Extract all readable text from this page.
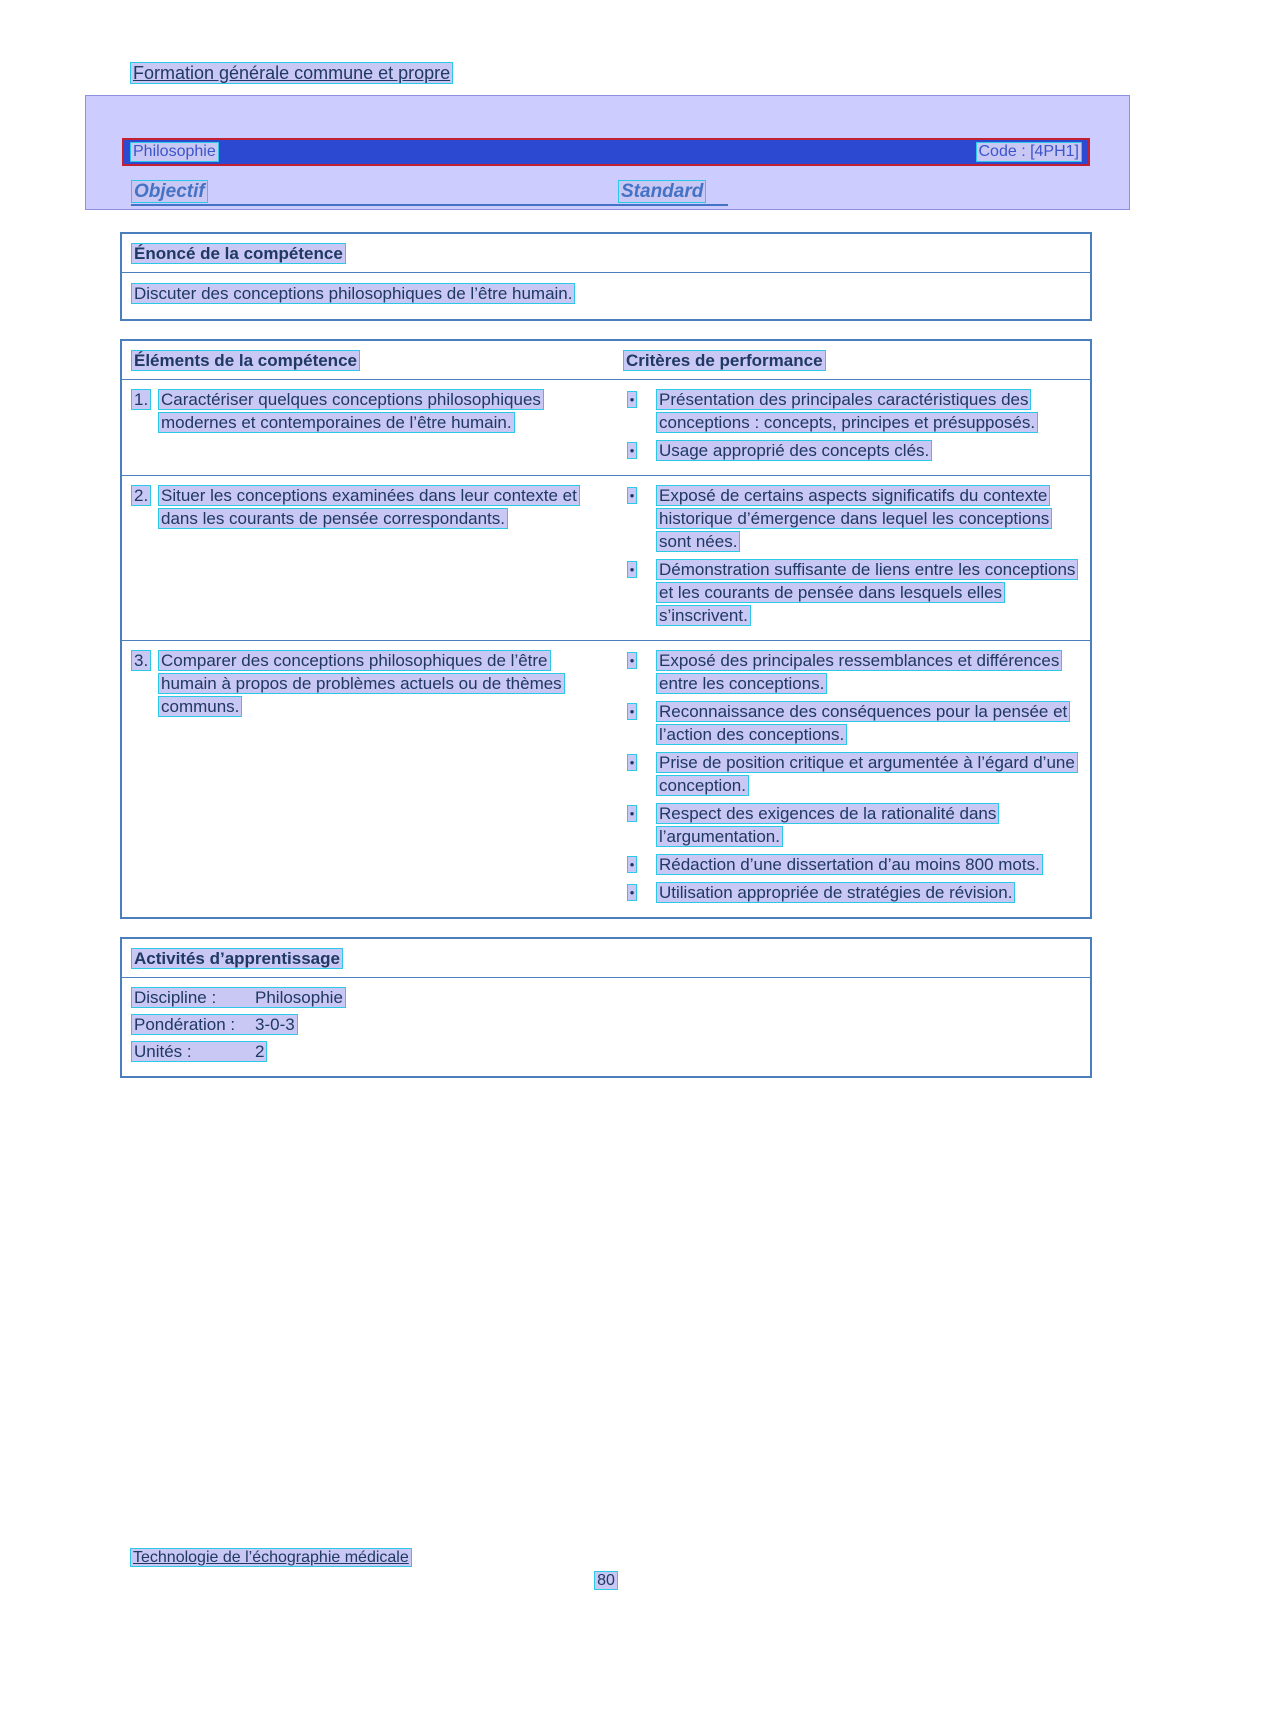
Formation générale commune et propre
Philosophie	Code : [4PH1]
Objectif	Standard
Énoncé de la compétence
Discuter des conceptions philosophiques de l’être humain.
Éléments de la compétence	Critères de performance
1. Caractériser quelques conceptions philosophiques modernes et contemporaines de l’être humain.
•	Présentation des principales caractéristiques des conceptions : concepts, principes et présupposés.
•	Usage approprié des concepts clés.
2. Situer les conceptions examinées dans leur contexte et dans les courants de pensée correspondants.
•	Exposé de certains aspects significatifs du contexte historique d’émergence dans lequel les conceptions sont nées.
•	Démonstration suffisante de liens entre les conceptions et les courants de pensée dans lesquels elles s’inscrivent.
3. Comparer des conceptions philosophiques de l’être humain à propos de problèmes actuels ou de thèmes communs.
•	Exposé des principales ressemblances et différences entre les conceptions.
•	Reconnaissance des conséquences pour la pensée et l’action des conceptions.
•	Prise de position critique et argumentée à l’égard d’une conception.
•	Respect des exigences de la rationalité dans l’argumentation.
•	Rédaction d’une dissertation d’au moins 800 mots.
•	Utilisation appropriée de stratégies de révision.
Activités d’apprentissage
Discipline : Philosophie
Pondération : 3-0-3
Unités :	2
Technologie de l’échographie médicale
80
